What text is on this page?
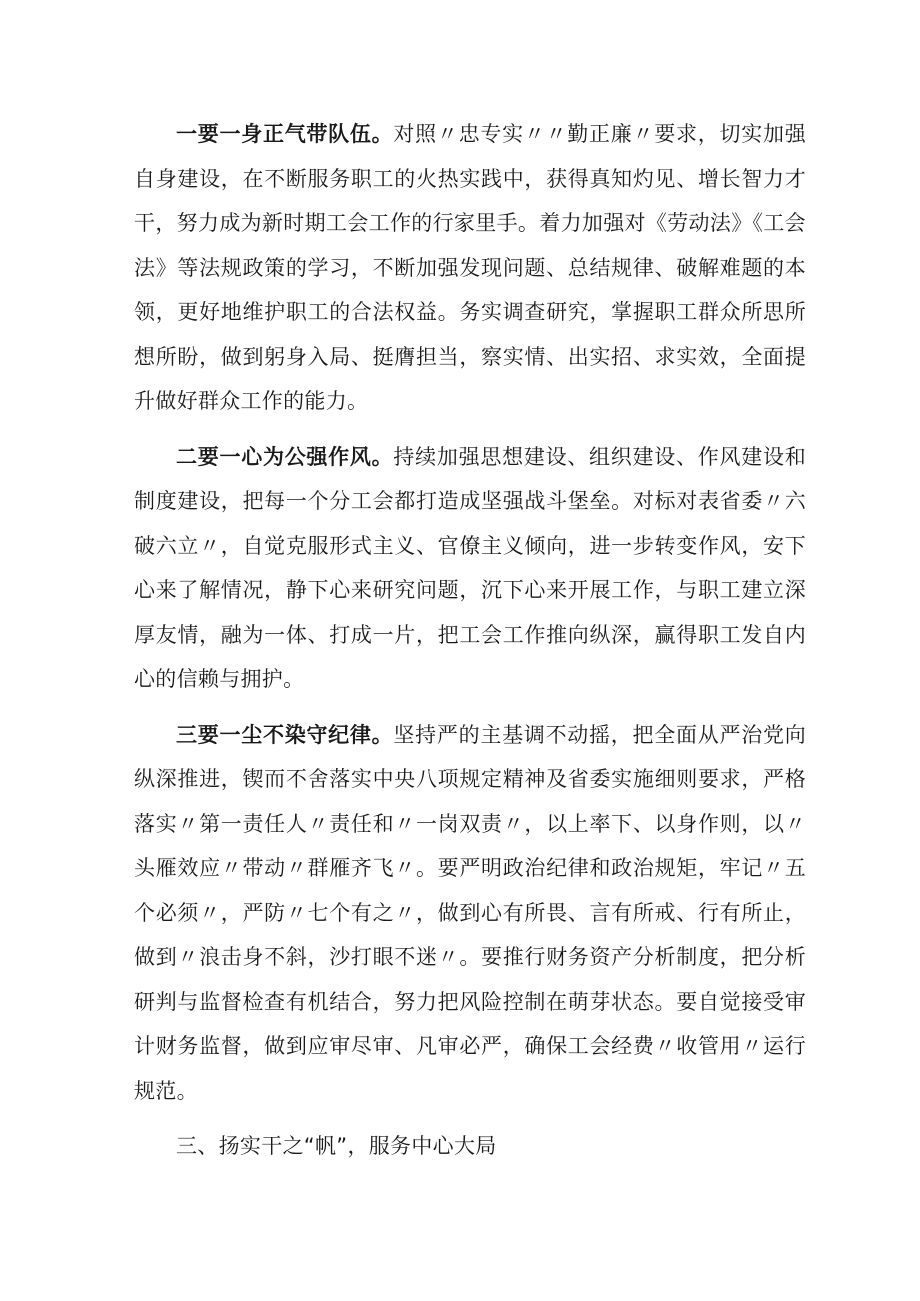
一要一身正气带队伍。对照〃忠专实〃〃勤正廉〃要求，切实加强自身建设，在不断服务职工的火热实践中，获得真知灼见、增长智力才干，努力成为新时期工会工作的行家里手。着力加强对《劳动法》《工会法》等法规政策的学习，不断加强发现问题、总结规律、破解难题的本领，更好地维护职工的合法权益。务实调查研究，掌握职工群众所思所想所盼，做到躬身入局、挺膺担当，察实情、出实招、求实效，全面提升做好群众工作的能力。

二要一心为公强作风。持续加强思想建设、组织建设、作风建设和制度建设，把每一个分工会都打造成坚强战斗堡垒。对标对表省委〃六破六立〃，自觉克服形式主义、官僚主义倾向，进一步转变作风，安下心来了解情况，静下心来研究问题，沉下心来开展工作，与职工建立深厚友情，融为一体、打成一片，把工会工作推向纵深，赢得职工发自内心的信赖与拥护。

三要一尘不染守纪律。坚持严的主基调不动摇，把全面从严治党向纵深推进，锲而不舍落实中央八项规定精神及省委实施细则要求，严格落实〃第一责任人〃责任和〃一岗双责〃，以上率下、以身作则，以〃头雁效应〃带动〃群雁齐飞〃。要严明政治纪律和政治规矩，牢记〃五个必须〃，严防〃七个有之〃，做到心有所畏、言有所戒、行有所止，做到〃浪击身不斜，沙打眼不迷〃。要推行财务资产分析制度，把分析研判与监督检查有机结合，努力把风险控制在萌芽状态。要自觉接受审计财务监督，做到应审尽审、凡审必严，确保工会经费〃收管用〃运行规范。

三、扬实干之“帆”，服务中心大局
